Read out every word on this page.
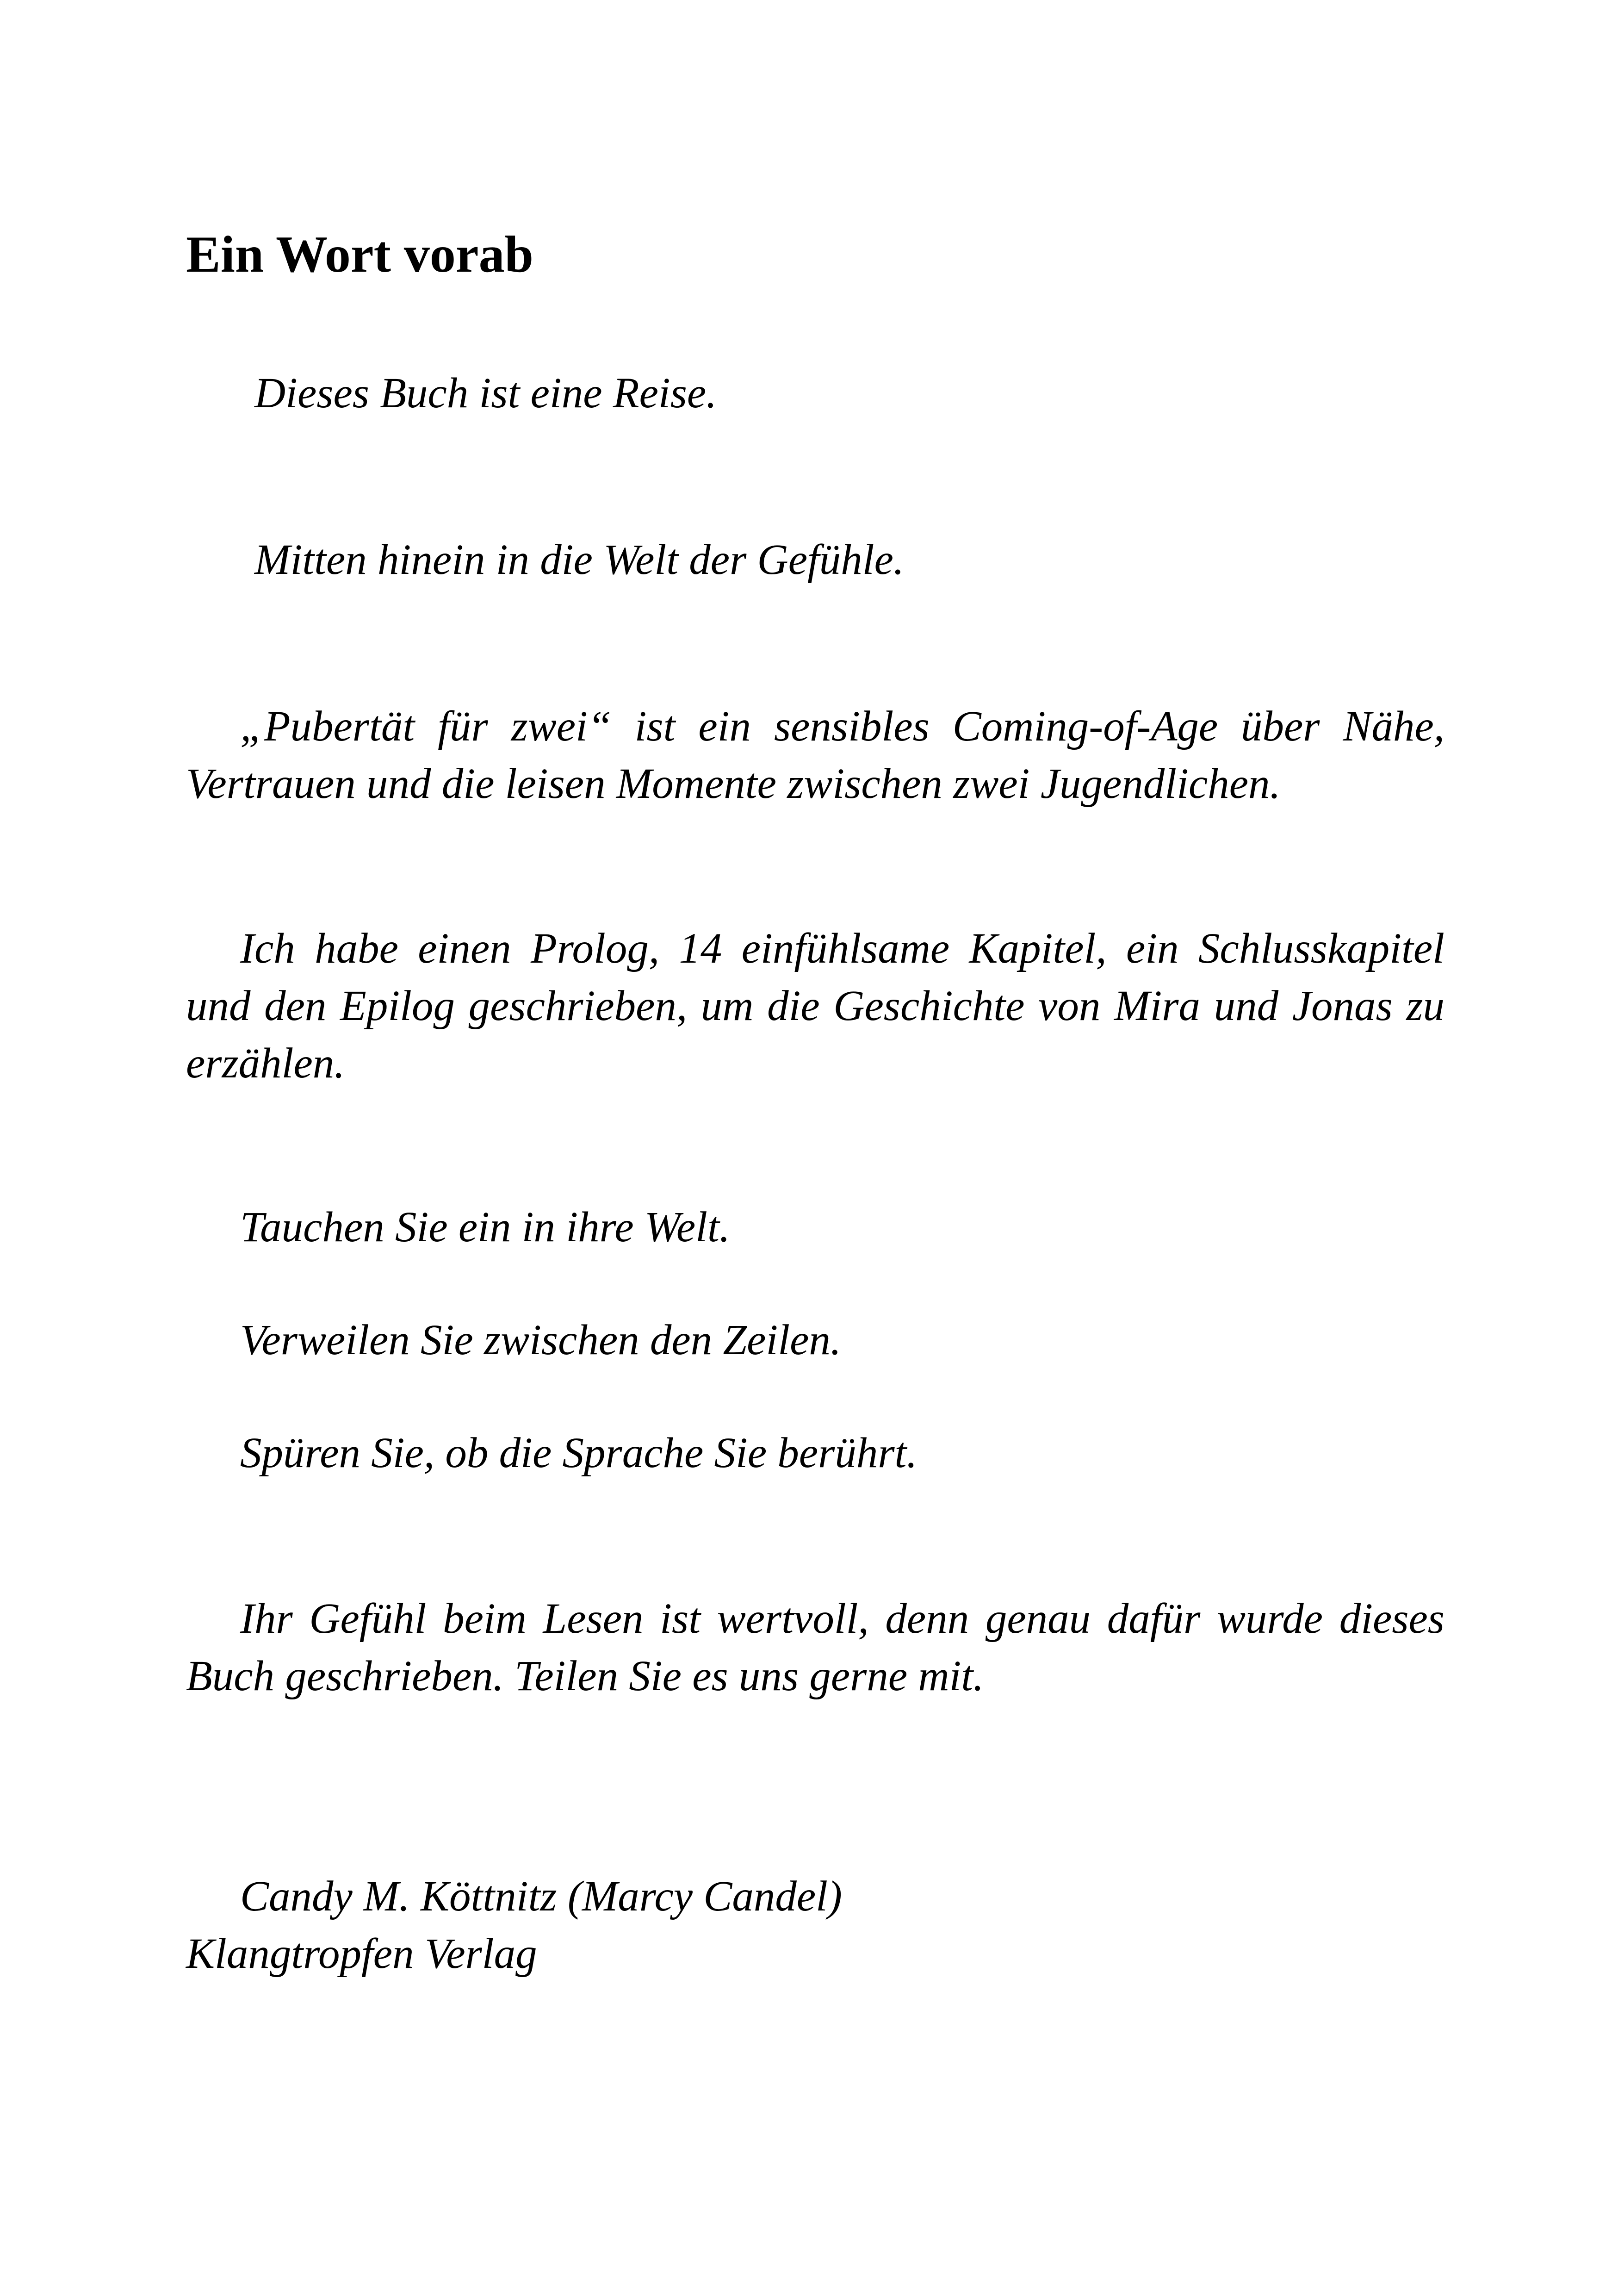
Ein Wort vorab

Dieses Buch ist eine Reise.

Mitten hinein in die Welt der Gefühle.

„Pubertät für zwei“ ist ein sensibles Coming-of-Age über Nähe, Vertrauen und die leisen Momente zwischen zwei Jugendlichen.

Ich habe einen Prolog, 14 einfühlsame Kapitel, ein Schlusskapitel und den Epilog geschrieben, um die Geschichte von Mira und Jonas zu erzählen.

Tauchen Sie ein in ihre Welt.

Verweilen Sie zwischen den Zeilen.

Spüren Sie, ob die Sprache Sie berührt.

Ihr Gefühl beim Lesen ist wertvoll, denn genau dafür wurde dieses Buch geschrieben. Teilen Sie es uns gerne mit.

Candy M. Köttnitz (Marcy Candel)
Klangtropfen Verlag
